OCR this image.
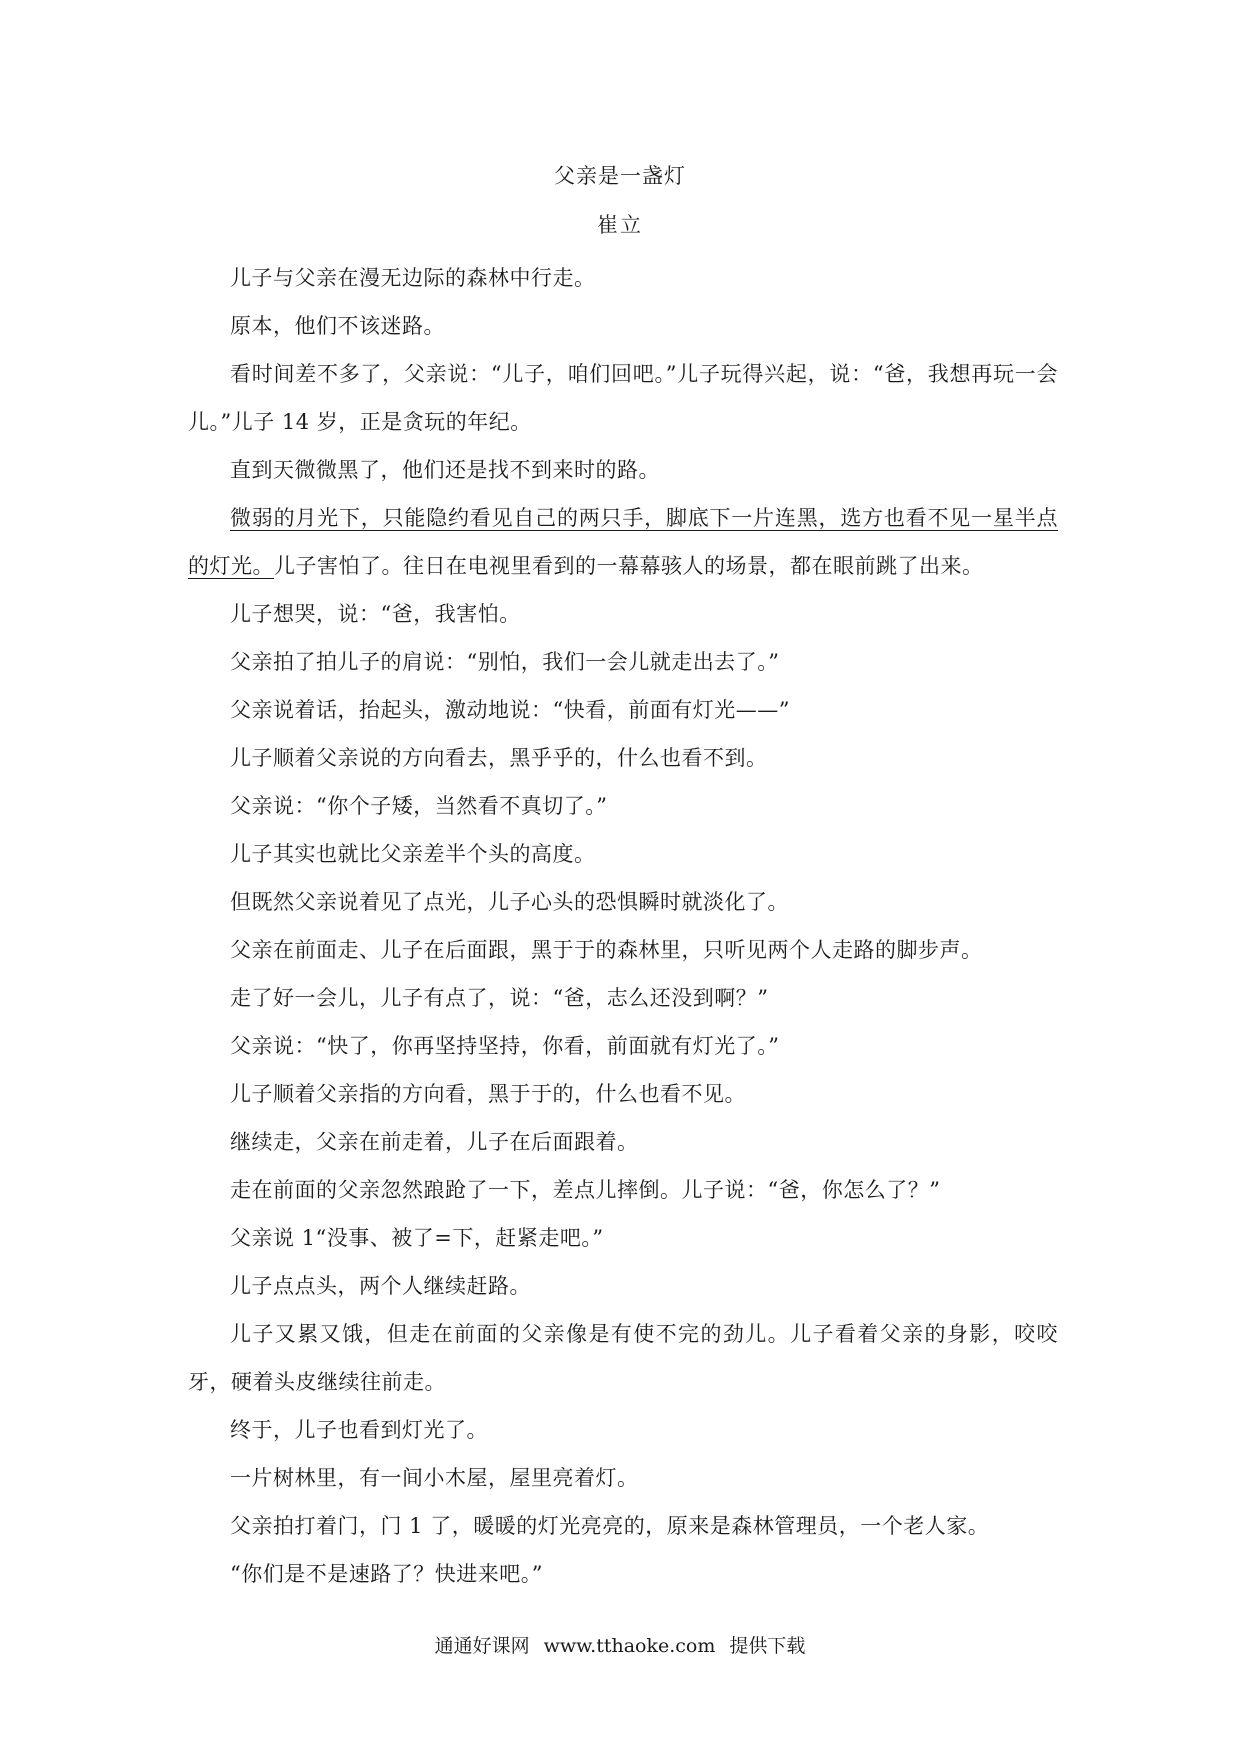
父亲是一盏灯
崔立

儿子与父亲在漫无边际的森林中行走。

原本，他们不该迷路。

看时间差不多了，父亲说：“儿子，咱们回吧。”儿子玩得兴起，说：“爸，我想再玩一会儿。”儿子 14 岁，正是贪玩的年纪。

直到天微微黑了，他们还是找不到来时的路。

微弱的月光下，只能隐约看见自己的两只手，脚底下一片连黑，选方也看不见一星半点的灯光。儿子害怕了。往日在电视里看到的一幕幕骇人的场景，都在眼前跳了出来。

儿子想哭，说：“爸，我害怕。

父亲拍了拍儿子的肩说：“别怕，我们一会儿就走出去了。”

父亲说着话，抬起头，激动地说：“快看，前面有灯光——”

儿子顺着父亲说的方向看去，黑乎乎的，什么也看不到。

父亲说：“你个子矮，当然看不真切了。”

儿子其实也就比父亲差半个头的高度。

但既然父亲说着见了点光，儿子心头的恐惧瞬时就淡化了。

父亲在前面走、儿子在后面跟，黑于于的森林里，只听见两个人走路的脚步声。

走了好一会儿，儿子有点了，说：“爸，志么还没到啊？”

父亲说：“快了，你再坚持坚持，你看，前面就有灯光了。”

儿子顺着父亲指的方向看，黑于于的，什么也看不见。

继续走，父亲在前走着，儿子在后面跟着。

走在前面的父亲忽然踉跄了一下，差点儿摔倒。儿子说：“爸，你怎么了？”

父亲说 1“没事、被了=下，赶紧走吧。”

儿子点点头，两个人继续赶路。

儿子又累又饿，但走在前面的父亲像是有使不完的劲儿。儿子看着父亲的身影，咬咬牙，硬着头皮继续往前走。

终于，儿子也看到灯光了。

一片树林里，有一间小木屋，屋里亮着灯。

父亲拍打着门，门 1 了，暖暖的灯光亮亮的，原来是森林管理员，一个老人家。

“你们是不是速路了？快进来吧。”

通通好课网 www.tthaoke.com 提供下载
